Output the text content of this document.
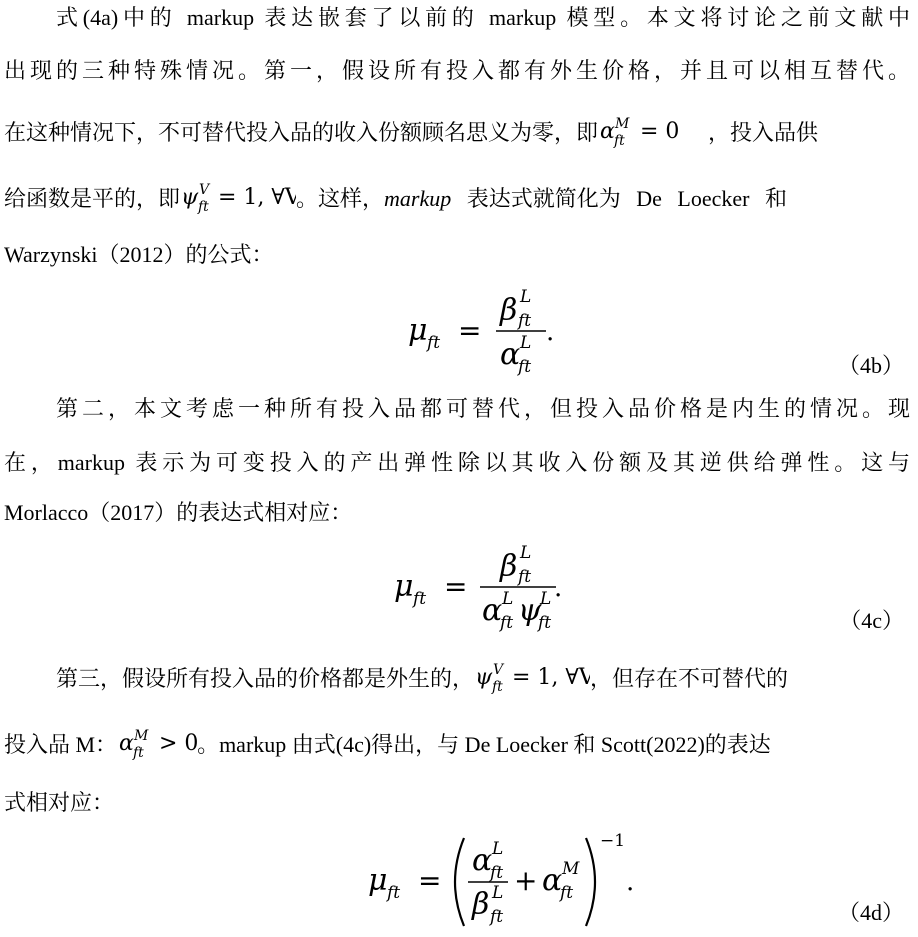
式(4a)中的 markup 表达嵌套了以前的 markup 模型。本文将讨论之前文献中
出现的三种特殊情况。第一，假设所有投入都有外生价格，并且可以相互替代。
在这种情况下，不可替代投入品的收入份额顾名思义为零，即 α M
ft = 0 ，投入品供
给函数是平的，即 ψ V
ft = 1, ∀V
。这样，markup 表达式就简化为 De Loecker 和
Warzynski（2012）的公式：
μ ft =
β L
ft
α L
ft
.
（4b）
第二，本文考虑一种所有投入品都可替代，但投入品价格是内生的情况。现
在，markup 表示为可变投入的产出弹性除以其收入份额及其逆供给弹性。这与
Morlacco（2017）的表达式相对应：
μ ft =
β L
ft
α L
ft ψ
L
ft
.
（4c）
第三，假设所有投入品的价格都是外生的， ψ V
ft = 1, ∀V
，但存在不可替代的
投入品 M： α M
ft > 0
。markup 由式(4c)得出，与 De Loecker 和 Scott(2022)的表达
式相对应：
μ ft =
α L
ft
β L
ft
+ α M
ft
−1
.
（4d）
